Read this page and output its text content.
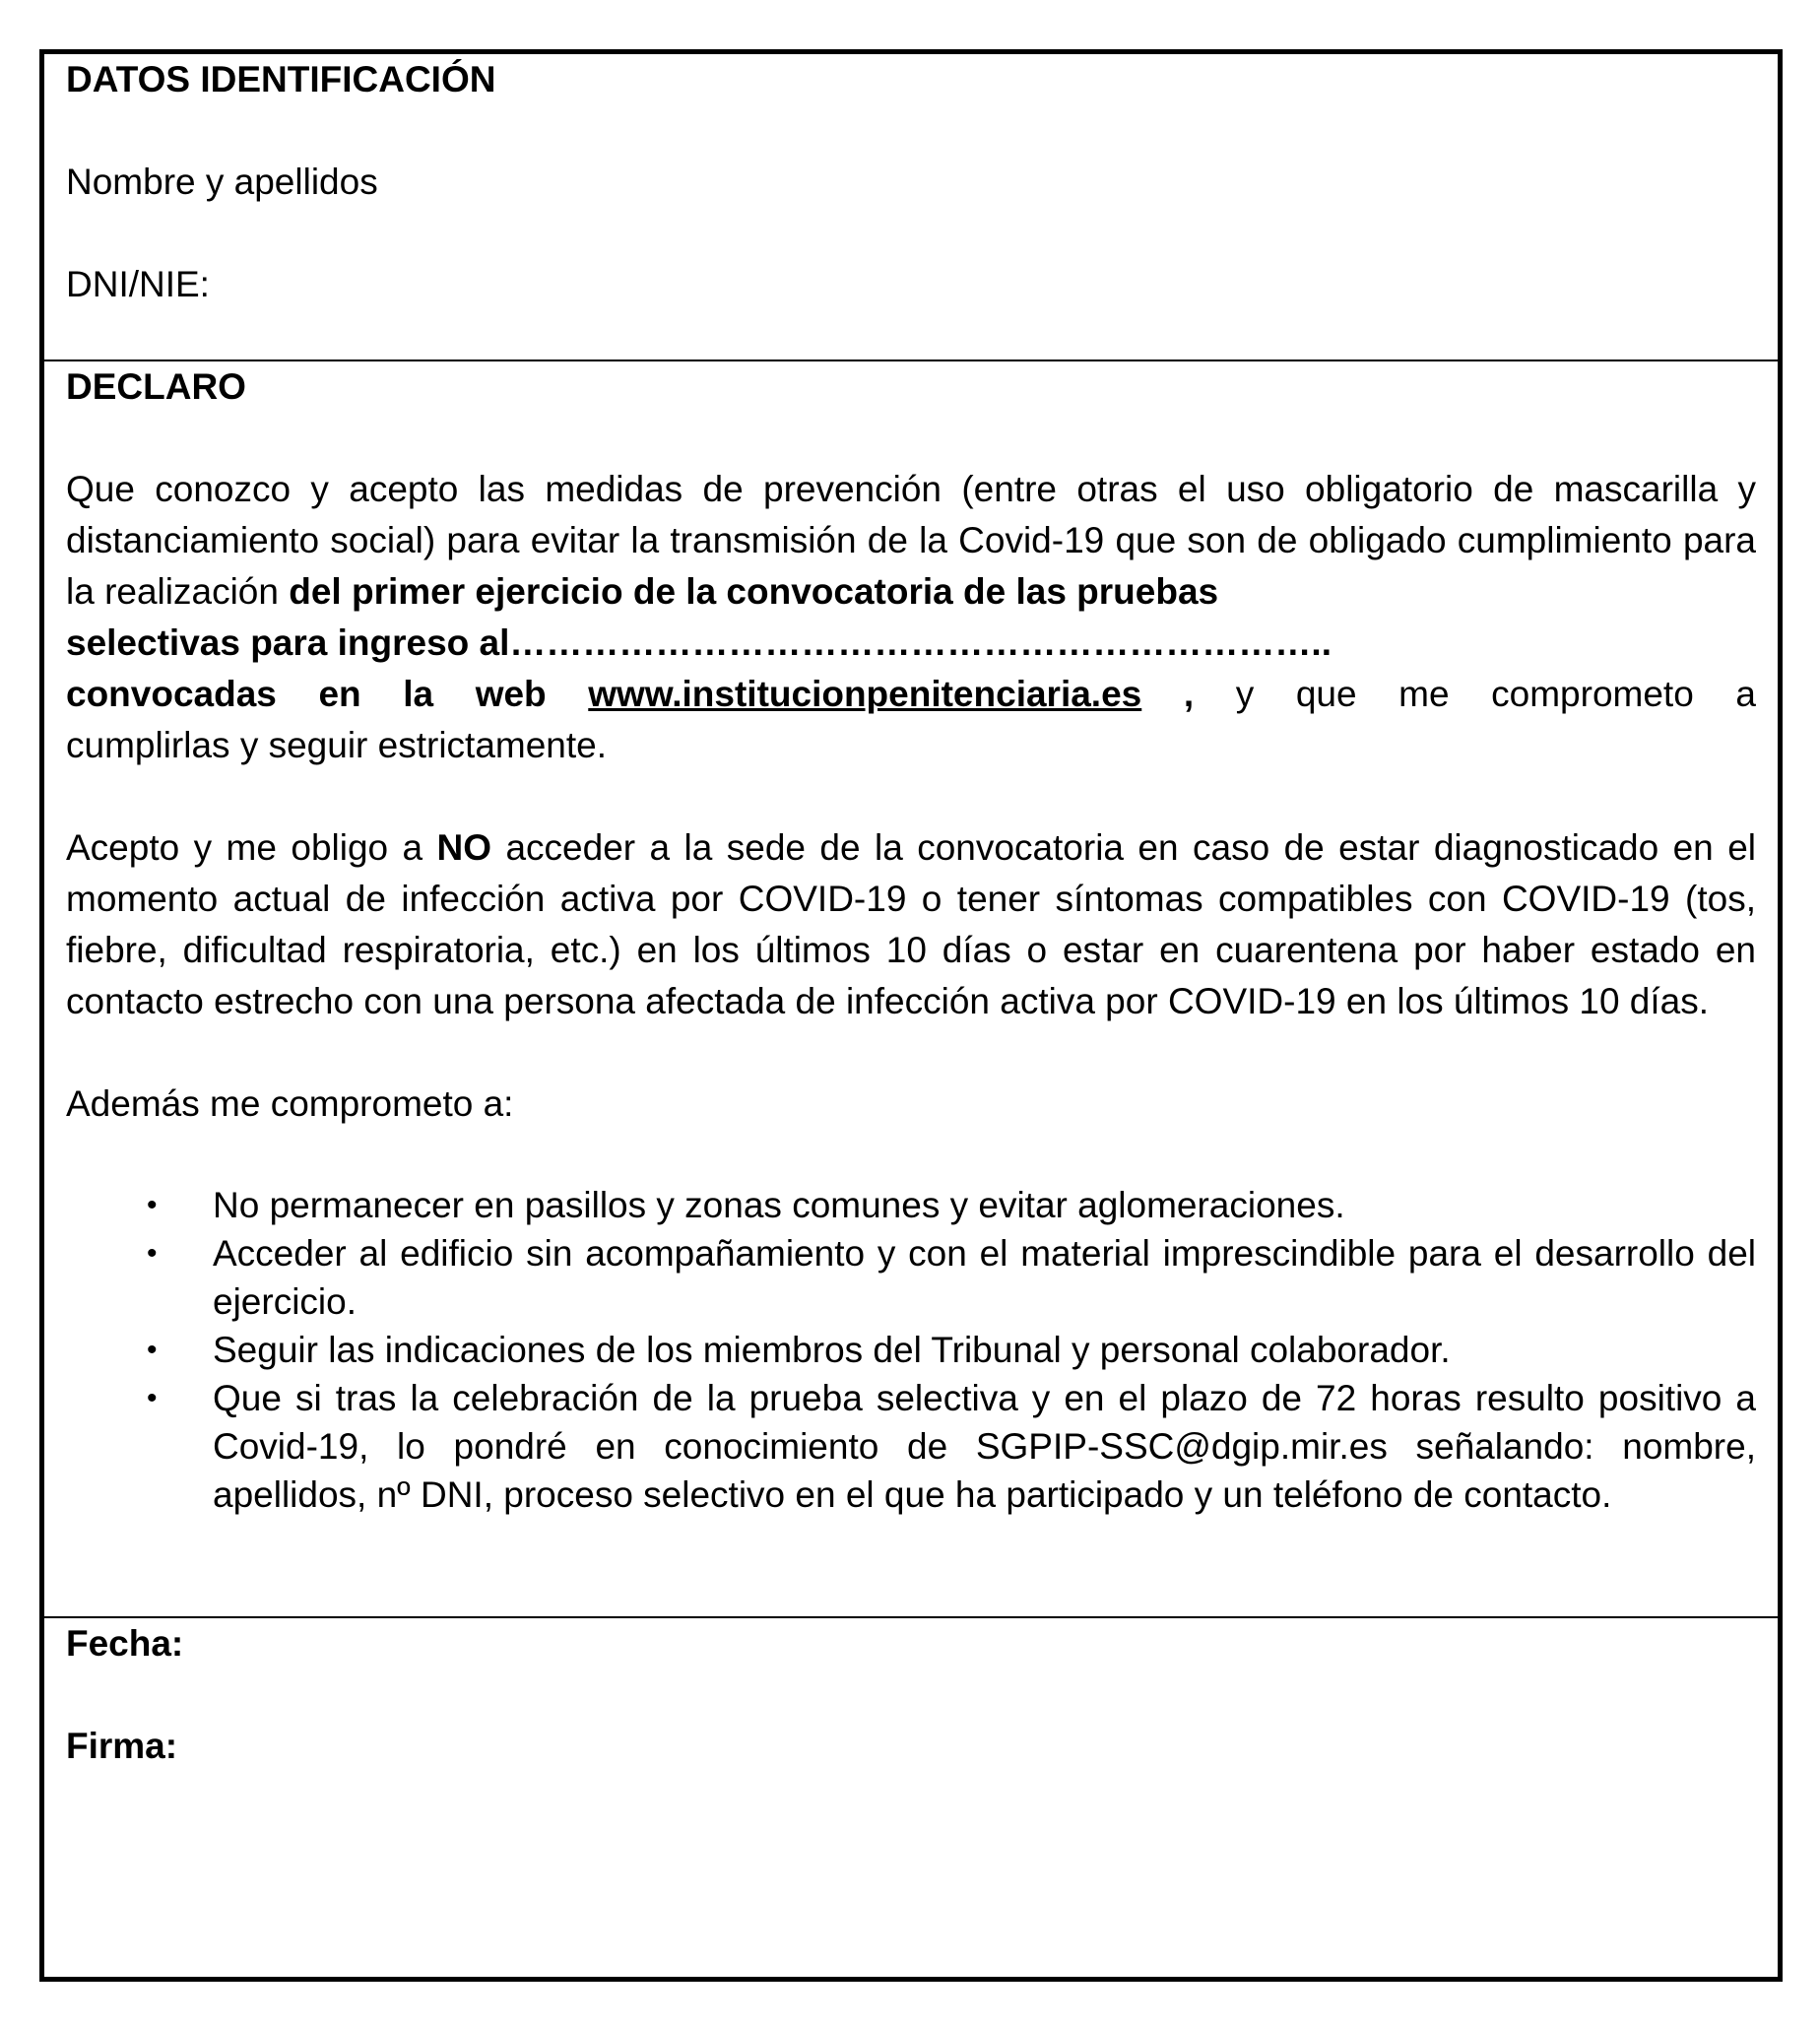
DATOS IDENTIFICACIÓN
Nombre y apellidos
DNI/NIE:
DECLARO

Que conozco y acepto las medidas de prevención (entre otras el uso obligatorio de mascarilla y distanciamiento social) para evitar la transmisión de la Covid-19 que son de obligado cumplimiento para la realización del primer ejercicio de la convocatoria de las pruebas

selectivas para ingreso al…………………………………………………………..
convocadas en la web www.institucionpenitenciaria.es , y que me comprometo a
cumplirlas y seguir estrictamente.

Acepto y me obligo a NO acceder a la sede de la convocatoria en caso de estar diagnosticado en el momento actual de infección activa por COVID-19 o tener síntomas compatibles con COVID-19 (tos, fiebre, dificultad respiratoria, etc.) en los últimos 10 días o estar en cuarentena por haber estado en contacto estrecho con una persona afectada de infección activa por COVID-19 en los últimos 10 días.

Además me comprometo a:
• No permanecer en pasillos y zonas comunes y evitar aglomeraciones.
• Acceder al edificio sin acompañamiento y con el material imprescindible para el desarrollo del ejercicio.
• Seguir las indicaciones de los miembros del Tribunal y personal colaborador.
• Que si tras la celebración de la prueba selectiva y en el plazo de 72 horas resulto positivo a Covid-19, lo pondré en conocimiento de SGPIP-SSC@dgip.mir.es señalando: nombre, apellidos, nº DNI, proceso selectivo en el que ha participado y un teléfono de contacto.
Fecha:
Firma:
